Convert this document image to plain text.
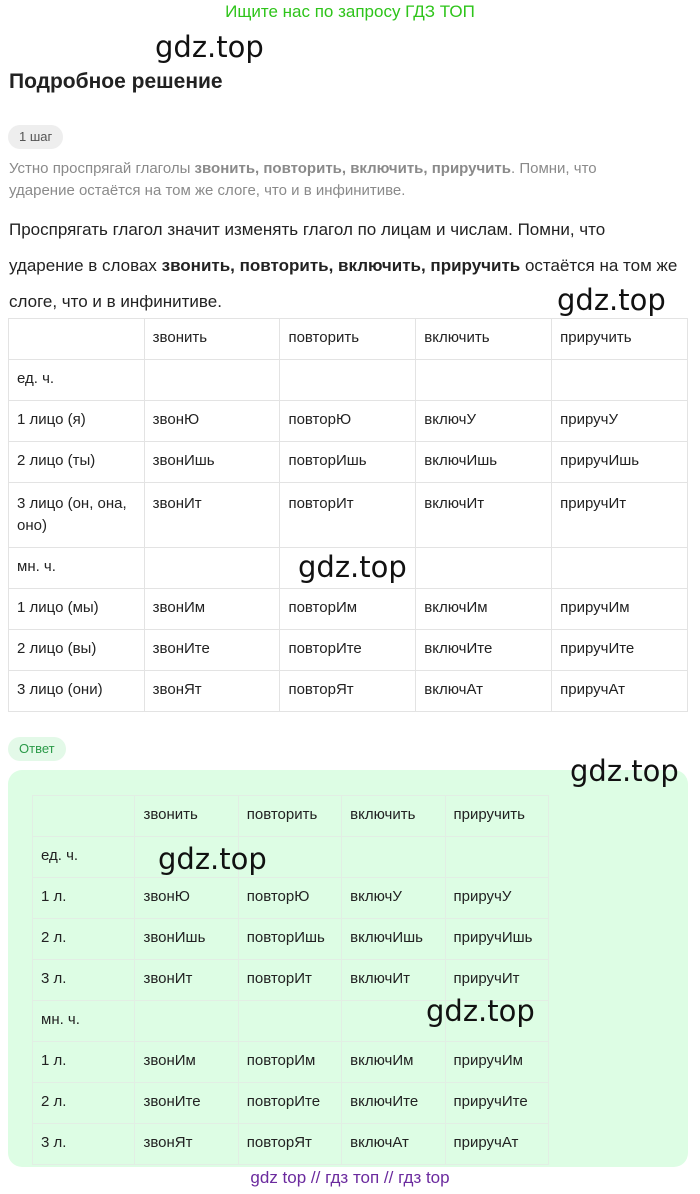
Ищите нас по запросу ГДЗ ТОП
gdz.top
Подробное решение
1 шаг
Устно проспрягай глаголы звонить, повторить, включить, приручить. Помни, что ударение остаётся на том же слоге, что и в инфинитиве.
Проспрягать глагол значит изменять глагол по лицам и числам. Помни, что ударение в словах звонить, повторить, включить, приручить остаётся на том же слоге, что и в инфинитиве.	gdz.top
	звонить	повторить	включить	приручить
ед. ч.				
1 лицо (я)	звонЮ	повторЮ	включУ	приручУ
2 лицо (ты)	звонИшь	повторИшь	включИшь	приручИшь
3 лицо (он, она, оно)	звонИт	повторИт	включИт	приручИт
мн. ч.				
1 лицо (мы)	звонИм	повторИм	включИм	приручИм
2 лицо (вы)	звонИте	повторИте	включИте	приручИте
3 лицо (они)	звонЯт	повторЯт	включАт	приручАт
gdz.top
Ответ
	звонить	повторить	включить	приручить
ед. ч.				
1 л.	звонЮ	повторЮ	включУ	приручУ
2 л.	звонИшь	повторИшь	включИшь	приручИшь
3 л.	звонИт	повторИт	включИт	приручИт
мн. ч.				
1 л.	звонИм	повторИм	включИм	приручИм
2 л.	звонИте	повторИте	включИте	приручИте
3 л.	звонЯт	повторЯт	включАт	приручАт
gdz.top
gdz.top
gdz.top
gdz top // гдз топ // гдз top
